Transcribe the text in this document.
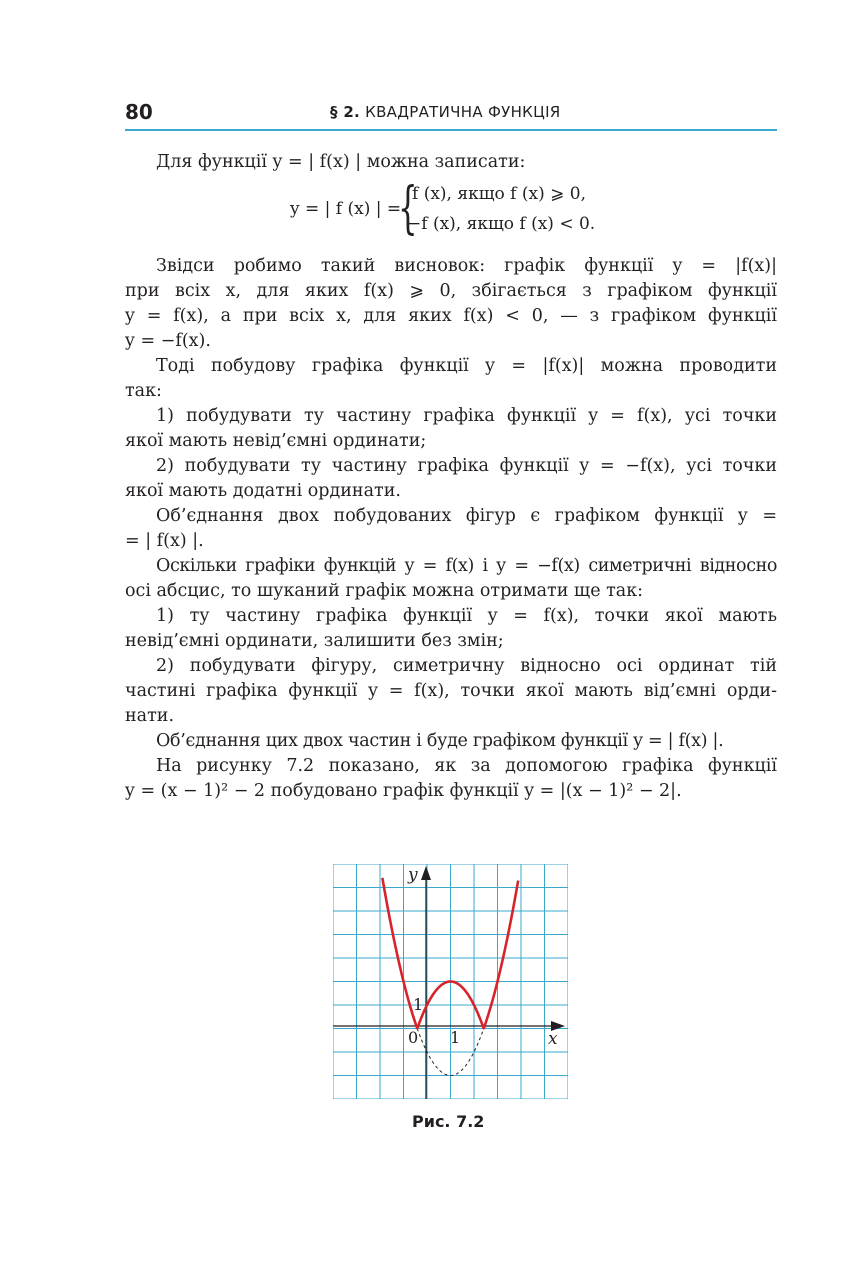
80	§ 2. КВАДРАТИЧНА ФУНКЦІЯ

Для функції y = | f(x) | можна записати:

y = | f (x) | =
{
f (x), якщо f (x) ⩾ 0,
−f (x), якщо f (x) < 0.

Звідси робимо такий висновок: графік функції y = |f(x)|

при всіх x, для яких f(x) ⩾ 0, збігається з графіком функції

y = f(x), а при всіх x, для яких f(x) < 0, — з графіком функції

y = −f(x).

Тоді побудову графіка функції y = |f(x)| можна проводити

так:

1) побудувати ту частину графіка функції y = f(x), усі точки

якої мають невід’ємні ординати;

2) побудувати ту частину графіка функції y = −f(x), усі точки

якої мають додатні ординати.

Об’єднання двох побудованих фігур є графіком функції y =

= | f(x) |.

Оскільки графіки функцій y = f(x) і y = −f(x) симетричні відносно

осі абсцис, то шуканий графік можна отримати ще так:

1) ту частину графіка функції y = f(x), точки якої мають

невід’ємні ординати, залишити без змін;

2) побудувати фігуру, симетричну відносно осі ординат тій

частині графіка функції y = f(x), точки якої мають від’ємні орди-

нати.

Об’єднання цих двох частин і буде графіком функції y = | f(x) |.

На рисунку 7.2 показано, як за допомогою графіка функції

y = (x − 1)² − 2 побудовано графік функції y = |(x − 1)² − 2|.

y
x
0 1
1
Рис. 7.2
